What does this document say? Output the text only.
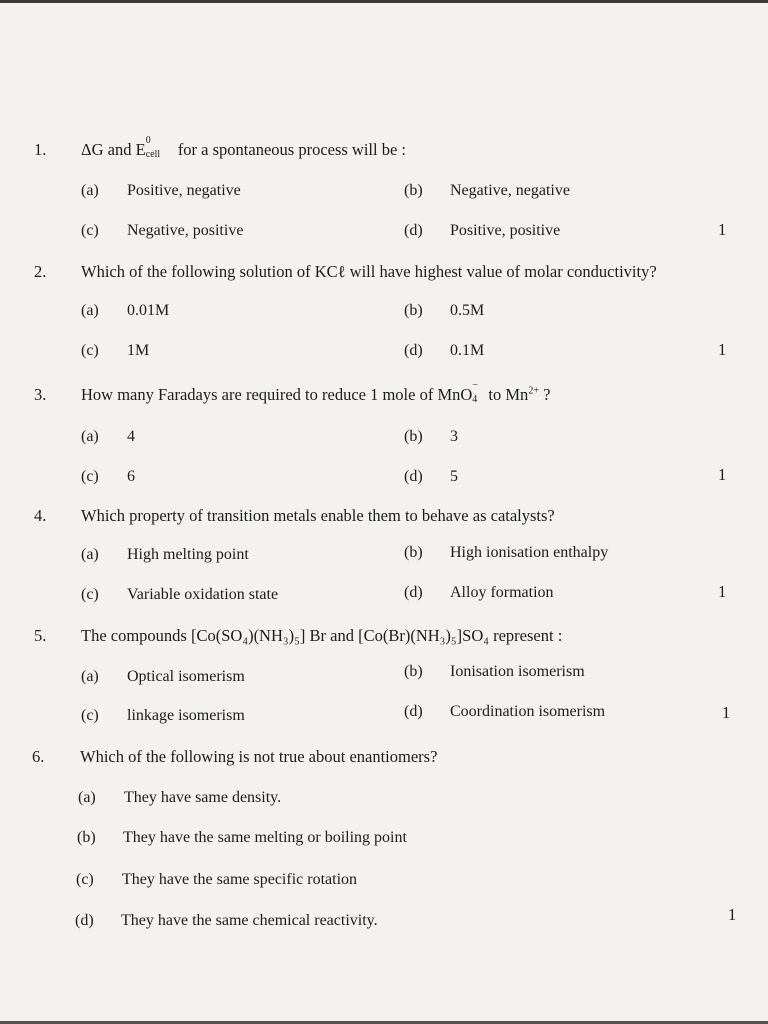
1. ΔG and E 0
cell for a spontaneous process will be :
(a) Positive, negative	(b) Negative, negative
(c) Negative, positive	(d) Positive, positive	1
2. Which of the following solution of KCℓ will have highest value of molar conductivity?
(a) 0.01M	(b) 0.5M
(c) 1M	(d) 0.1M	1
3. How many Faradays are required to reduce 1 mole of MnO −
4 to $Mn^{2+}$ ?
(a) 4	(b) 3
(c) 6	(d) 5	1
4. Which property of transition metals enable them to behave as catalysts?
(a) High melting point	(b) High ionisation enthalpy
(c) Variable oxidation state	(d) Alloy formation	1
5. The compounds [Co(SO₄)(NH₃)₅] Br and [Co(Br)(NH₃)₅]SO₄ represent :
(a) Optical isomerism	(b) Ionisation isomerism
(c) linkage isomerism	(d) Coordination isomerism	1
6. Which of the following is not true about enantiomers?
(a) They have same density.
(b) They have the same melting or boiling point
(c) They have the same specific rotation
(d) They have the same chemical reactivity.	1
